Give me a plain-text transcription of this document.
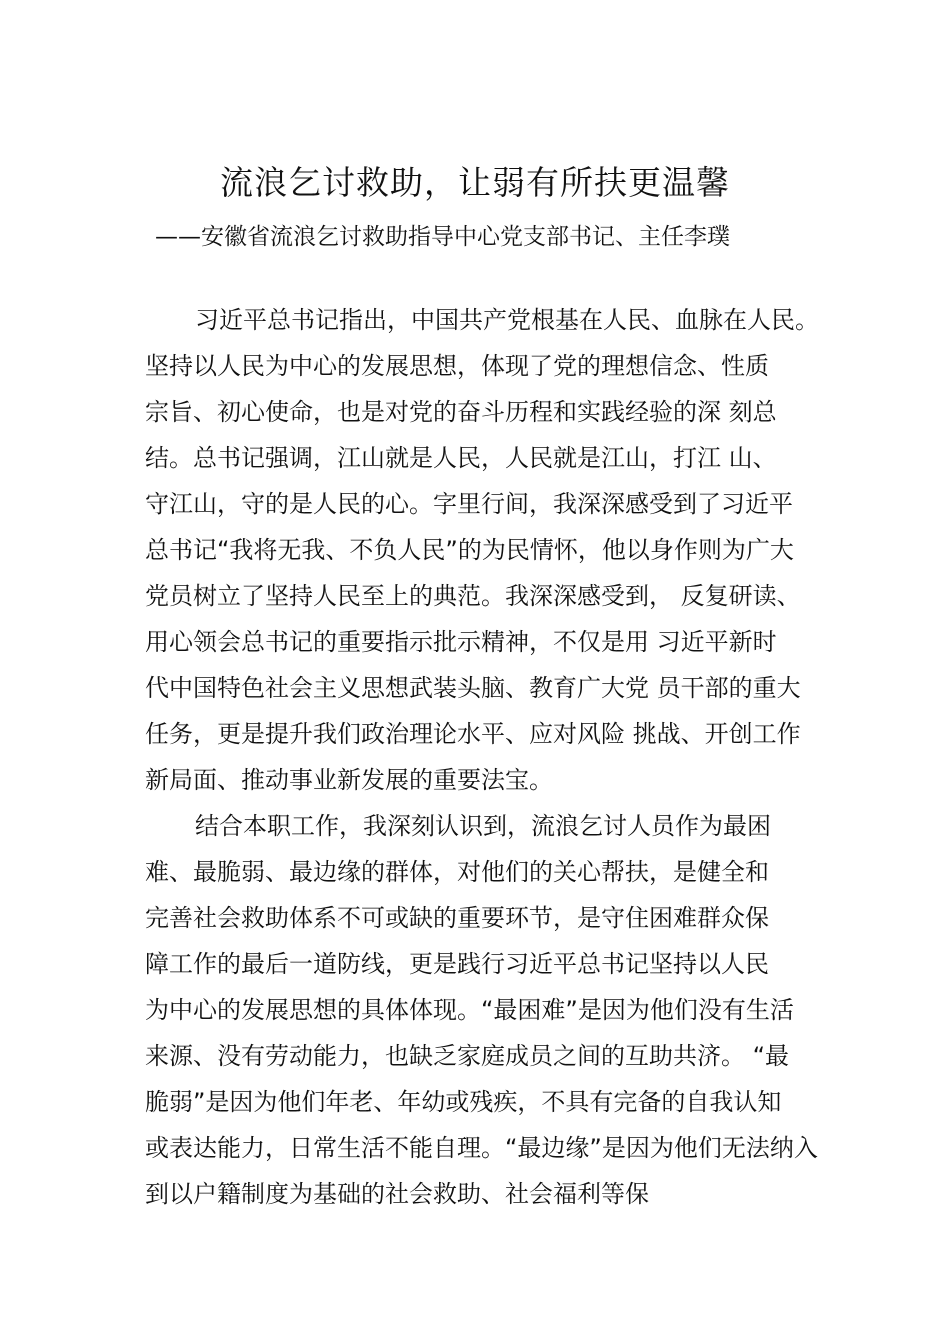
流浪乞讨救助，让弱有所扶更温馨
——安徽省流浪乞讨救助指导中心党支部书记、主任李璞
习近平总书记指出，中国共产党根基在人民、血脉在人民。
坚持以人民为中心的发展思想，体现了党的理想信念、性质
宗旨、初心使命，也是对党的奋斗历程和实践经验的深 刻总
结。总书记强调，江山就是人民，人民就是江山，打江 山、
守江山，守的是人民的心。字里行间，我深深感受到了习近平
总书记“我将无我、不负人民”的为民情怀，他以身作则为广大
党员树立了坚持人民至上的典范。我深深感受到， 反复研读、
用心领会总书记的重要指示批示精神，不仅是用 习近平新时
代中国特色社会主义思想武装头脑、教育广大党 员干部的重大
任务，更是提升我们政治理论水平、应对风险 挑战、开创工作
新局面、推动事业新发展的重要法宝。
结合本职工作，我深刻认识到，流浪乞讨人员作为最困
难、最脆弱、最边缘的群体，对他们的关心帮扶，是健全和
完善社会救助体系不可或缺的重要环节，是守住困难群众保
障工作的最后一道防线，更是践行习近平总书记坚持以人民
为中心的发展思想的具体体现。“最困难”是因为他们没有生活
来源、没有劳动能力，也缺乏家庭成员之间的互助共济。 “最
脆弱”是因为他们年老、年幼或残疾，不具有完备的自我认知
或表达能力，日常生活不能自理。“最边缘”是因为他们无法纳入
到以户籍制度为基础的社会救助、社会福利等保
